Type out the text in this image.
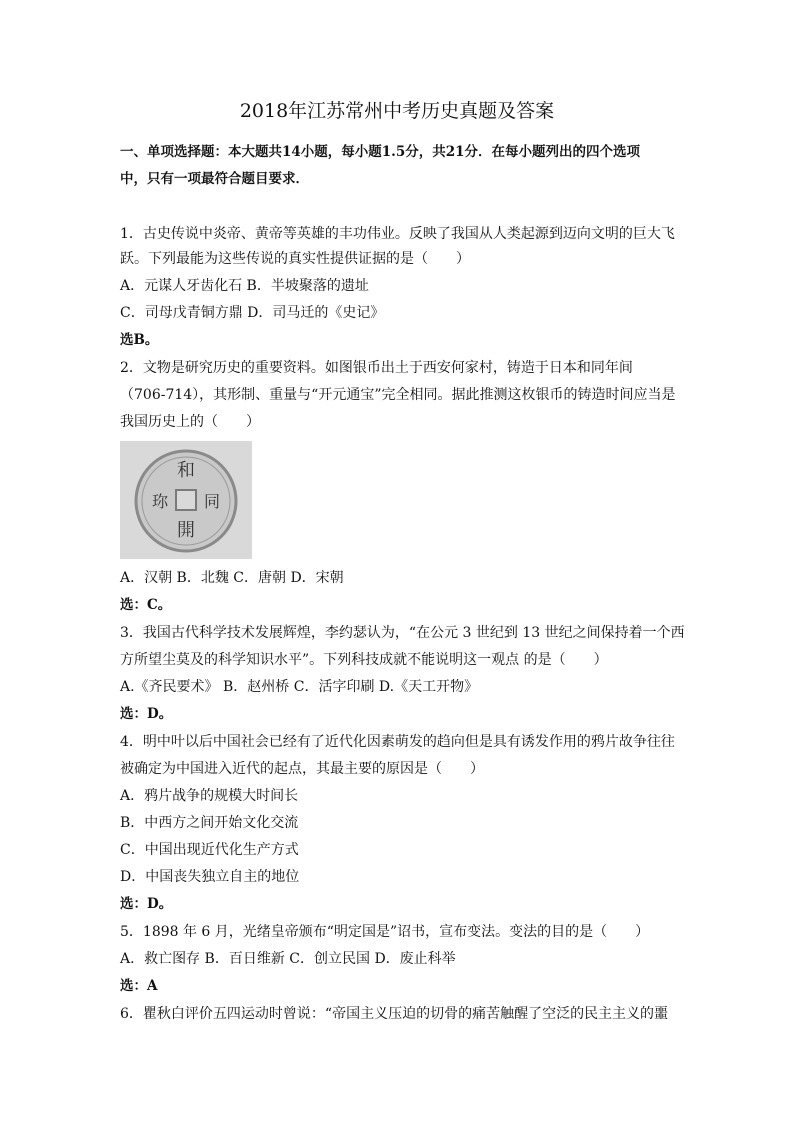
2018年江苏常州中考历史真题及答案
一、单项选择题：本大题共14小题，每小题1.5分，共21分．在每小题列出的四个选项
中，只有一项最符合题目要求．
1．古史传说中炎帝、黄帝等英雄的丰功伟业。反映了我国从人类起源到迈向文明的巨大飞
跃。下列最能为这些传说的真实性提供证据的是（　　）
A．元谋人牙齿化石 B．半坡聚落的遗址
C．司母戊青铜方鼎 D．司马迁的《史记》
选B。
2．文物是研究历史的重要资料。如图银币出土于西安何家村，铸造于日本和同年间
（706-714），其形制、重量与“开元通宝”完全相同。据此推测这枚银币的铸造时间应当是
我国历史上的（　　）
和
同
開
珎
A．汉朝 B．北魏 C．唐朝 D．宋朝
选：C。
3．我国古代科学技术发展辉煌，李约瑟认为，“在公元 3 世纪到 13 世纪之间保持着一个西
方所望尘莫及的科学知识水平”。下列科技成就不能说明这一观点 的是（　　）
A.《齐民要术》 B．赵州桥 C．活字印刷 D.《天工开物》
选：D。
4．明中叶以后中国社会已经有了近代化因素萌发的趋向但是具有诱发作用的鸦片故争往往
被确定为中国进入近代的起点，其最主要的原因是（　　）
A．鸦片战争的规模大时间长
B．中西方之间开始文化交流
C．中国出现近代化生产方式
D．中国丧失独立自主的地位
选：D。
5．1898 年 6 月，光绪皇帝颁布“明定国是”诏书，宣布变法。变法的目的是（　　）
A．救亡图存 B．百日维新 C．创立民国 D．废止科举
选：A
6．瞿秋白评价五四运动时曾说：“帝国主义压迫的切骨的痛苦触醒了空泛的民主主义的噩
